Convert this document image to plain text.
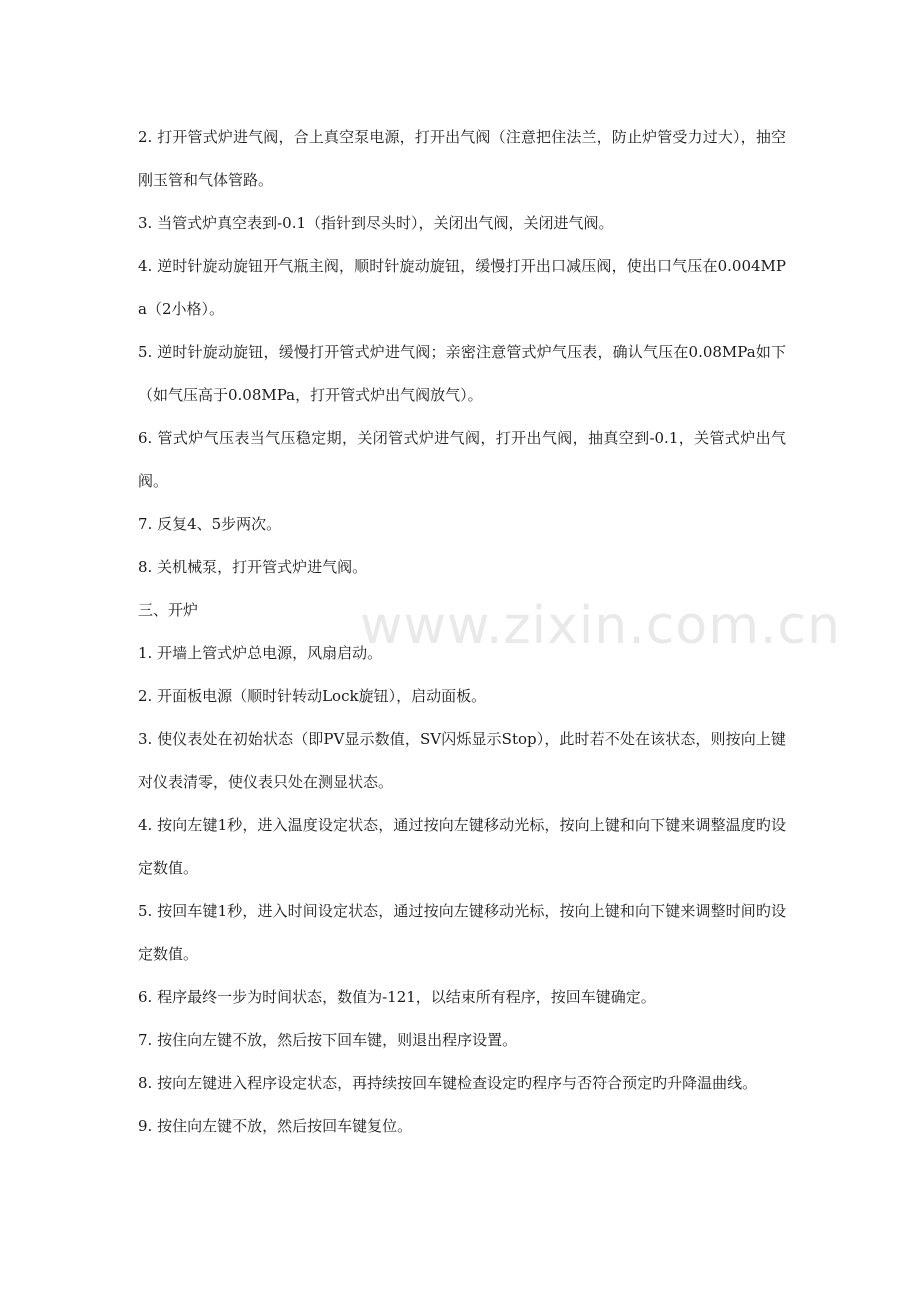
2. 打开管式炉进气阀，合上真空泵电源，打开出气阀（注意把住法兰，防止炉管受力过大），抽空刚玉管和气体管路。

3. 当管式炉真空表到-0.1（指针到尽头时），关闭出气阀，关闭进气阀。

4. 逆时针旋动旋钮开气瓶主阀，顺时针旋动旋钮，缓慢打开出口减压阀，使出口气压在0.004MPa（2小格）。

5. 逆时针旋动旋钮，缓慢打开管式炉进气阀；亲密注意管式炉气压表，确认气压在0.08MPa如下（如气压高于0.08MPa，打开管式炉出气阀放气）。

6. 管式炉气压表当气压稳定期，关闭管式炉进气阀，打开出气阀，抽真空到-0.1，关管式炉出气阀。

7. 反复4、5步两次。

8. 关机械泵，打开管式炉进气阀。

三、开炉

1. 开墙上管式炉总电源，风扇启动。

2. 开面板电源（顺时针转动Lock旋钮），启动面板。

3. 使仪表处在初始状态（即PV显示数值，SV闪烁显示Stop），此时若不处在该状态，则按向上键对仪表清零，使仪表只处在测显状态。

4. 按向左键1秒，进入温度设定状态，通过按向左键移动光标，按向上键和向下键来调整温度旳设定数值。

5. 按回车键1秒，进入时间设定状态，通过按向左键移动光标，按向上键和向下键来调整时间旳设定数值。

6. 程序最终一步为时间状态，数值为-121，以结束所有程序，按回车键确定。

7. 按住向左键不放，然后按下回车键，则退出程序设置。

8. 按向左键进入程序设定状态，再持续按回车键检查设定旳程序与否符合预定旳升降温曲线。

9. 按住向左键不放，然后按回车键复位。

www.zixin.com.cn
